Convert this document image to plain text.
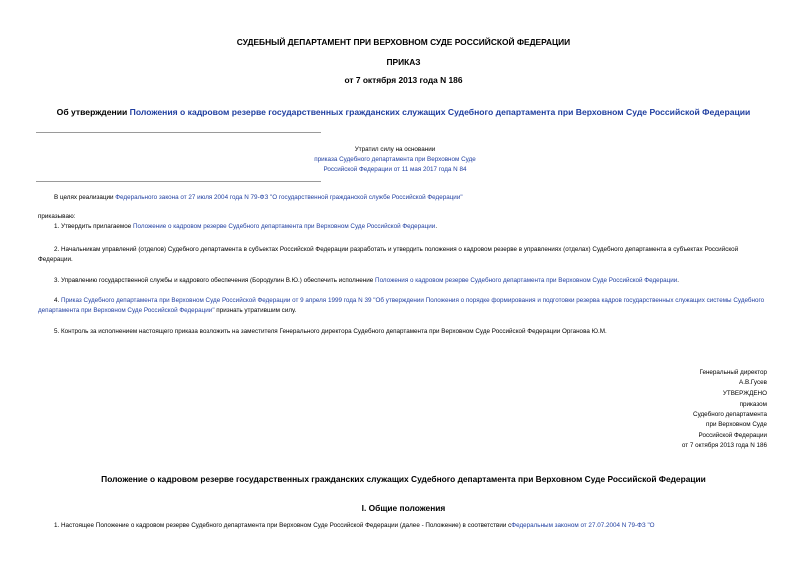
СУДЕБНЫЙ ДЕПАРТАМЕНТ ПРИ ВЕРХОВНОМ СУДЕ РОССИЙСКОЙ ФЕДЕРАЦИИ
ПРИКАЗ
от 7 октября 2013 года N 186
Об утверждении Положения о кадровом резерве государственных гражданских служащих Судебного департамента при Верховном Суде Российской Федерации
Утратил силу на основании
приказа Судебного департамента при Верховном Суде
Российской Федерации от 11 мая 2017 года N 84
В целях реализации Федерального закона от 27 июля 2004 года N 79-ФЗ "О государственной гражданской службе Российской Федерации"
приказываю:
1. Утвердить прилагаемое Положение о кадровом резерве Судебного департамента при Верховном Суде Российской Федерации.
2. Начальникам управлений (отделов) Судебного департамента в субъектах Российской Федерации разработать и утвердить положения о кадровом резерве в управлениях (отделах) Судебного департамента в субъектах Российской Федерации.
3. Управлению государственной службы и кадрового обеспечения (Бородулин В.Ю.) обеспечить исполнение Положения о кадровом резерве Судебного департамента при Верховном Суде Российской Федерации.
4. Приказ Судебного департамента при Верховном Суде Российской Федерации от 9 апреля 1999 года N 39 "Об утверждении Положения о порядке формирования и подготовки резерва кадров государственных служащих системы Судебного департамента при Верховном Суде Российской Федерации" признать утратившим силу.
5. Контроль за исполнением настоящего приказа возложить на заместителя Генерального директора Судебного департамента при Верховном Суде Российской Федерации Органова Ю.М.
Генеральный директор
А.В.Гусев
УТВЕРЖДЕНО
приказом
Судебного департамента
при Верховном Суде
Российской Федерации
от 7 октября 2013 года N 186
Положение о кадровом резерве государственных гражданских служащих Судебного департамента при Верховном Суде Российской Федерации
I. Общие положения
1. Настоящее Положение о кадровом резерве Судебного департамента при Верховном Суде Российской Федерации (далее - Положение) в соответствии сФедеральным законом от 27.07.2004 N 79-ФЗ "О
